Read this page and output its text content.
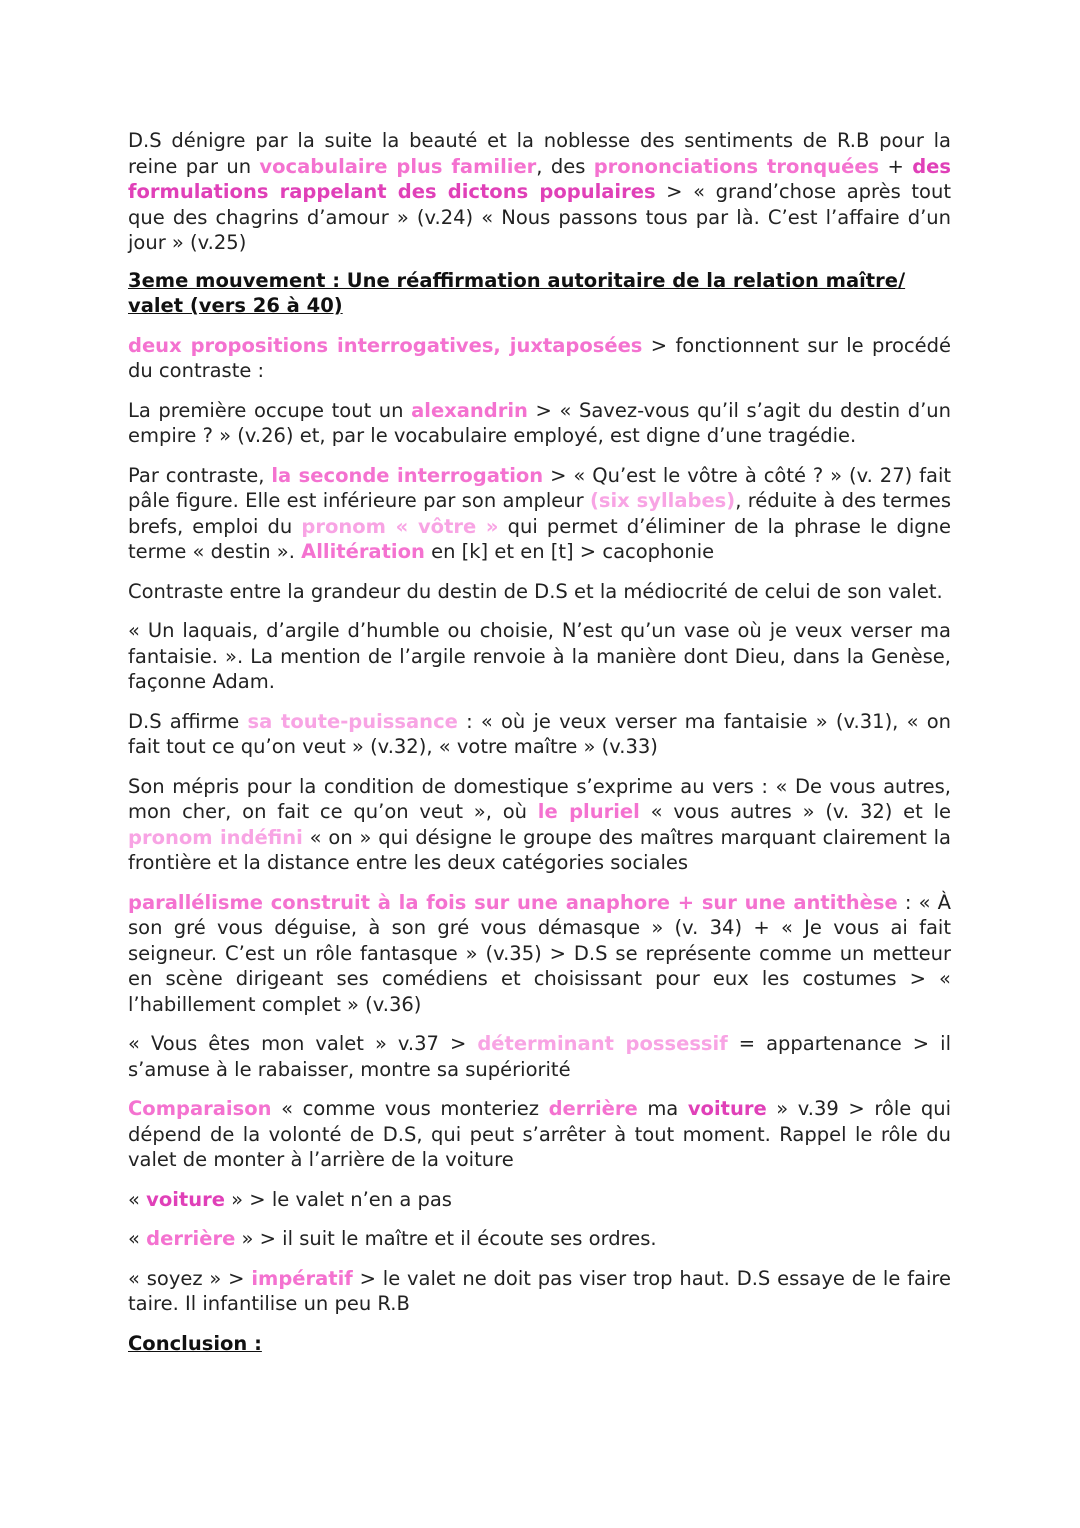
D.S dénigre par la suite la beauté et la noblesse des sentiments de R.B pour la reine par un vocabulaire plus familier, des prononciations tronquées + des formulations rappelant des dictons populaires > « grand’chose après tout que des chagrins d’amour » (v.24) « Nous passons tous par là. C’est l’affaire d’un jour » (v.25)

3eme mouvement : Une réaffirmation autoritaire de la relation maître/ valet (vers 26 à 40)

deux propositions interrogatives, juxtaposées > fonctionnent sur le procédé du contraste :

La première occupe tout un alexandrin > « Savez-vous qu’il s’agit du destin d’un empire ? » (v.26) et, par le vocabulaire employé, est digne d’une tragédie.

Par contraste, la seconde interrogation > « Qu’est le vôtre à côté ? » (v. 27) fait pâle figure. Elle est inférieure par son ampleur (six syllabes), réduite à des termes brefs, emploi du pronom « vôtre » qui permet d’éliminer de la phrase le digne terme « destin ». Allitération en [k] et en [t] > cacophonie

Contraste entre la grandeur du destin de D.S et la médiocrité de celui de son valet.

« Un laquais, d’argile d’humble ou choisie, N’est qu’un vase où je veux verser ma fantaisie. ». La mention de l’argile renvoie à la manière dont Dieu, dans la Genèse, façonne Adam.

D.S affirme sa toute-puissance : « où je veux verser ma fantaisie » (v.31), « on fait tout ce qu’on veut » (v.32), « votre maître » (v.33)

Son mépris pour la condition de domestique s’exprime au vers : « De vous autres, mon cher, on fait ce qu’on veut », où le pluriel « vous autres » (v. 32) et le pronom indéfini « on » qui désigne le groupe des maîtres marquant clairement la frontière et la distance entre les deux catégories sociales

parallélisme construit à la fois sur une anaphore + sur une antithèse : « À son gré vous déguise, à son gré vous démasque » (v. 34) + « Je vous ai fait seigneur. C’est un rôle fantasque » (v.35) > D.S se représente comme un metteur en scène dirigeant ses comédiens et choisissant pour eux les costumes > « l’habillement complet » (v.36)

« Vous êtes mon valet » v.37 > déterminant possessif = appartenance > il s’amuse à le rabaisser, montre sa supériorité

Comparaison « comme vous monteriez derrière ma voiture » v.39 > rôle qui dépend de la volonté de D.S, qui peut s’arrêter à tout moment. Rappel le rôle du valet de monter à l’arrière de la voiture

« voiture » > le valet n’en a pas

« derrière » > il suit le maître et il écoute ses ordres.

« soyez » > impératif > le valet ne doit pas viser trop haut. D.S essaye de le faire taire. Il infantilise un peu R.B

Conclusion :
